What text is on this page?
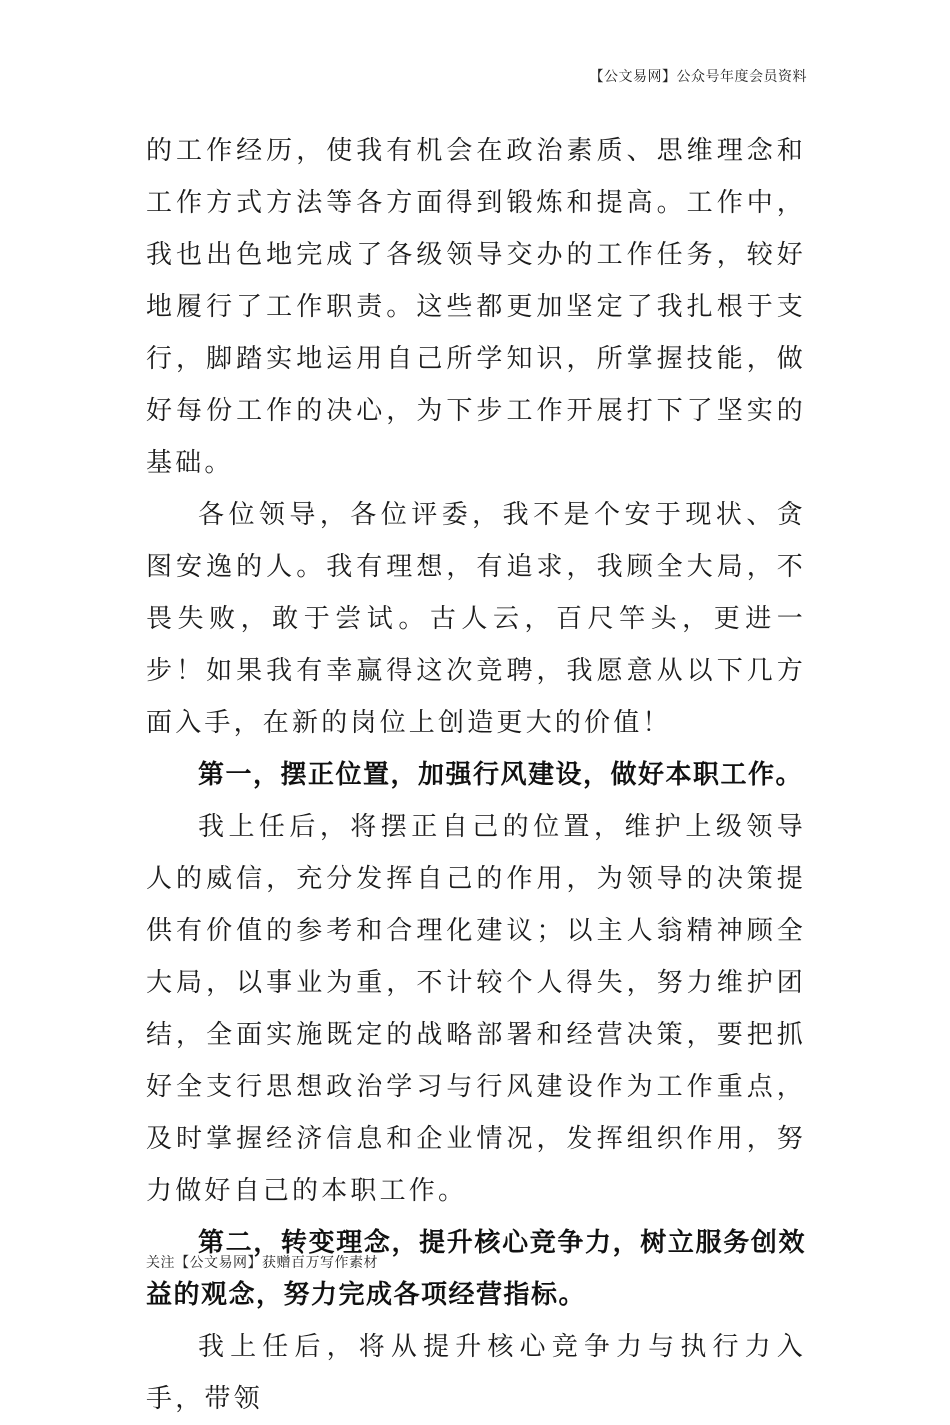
【公文易网】公众号年度会员资料

的工作经历，使我有机会在政治素质、思维理念和工作方式方法等各方面得到锻炼和提高。工作中，我也出色地完成了各级领导交办的工作任务，较好地履行了工作职责。这些都更加坚定了我扎根于支行，脚踏实地运用自己所学知识，所掌握技能，做好每份工作的决心，为下步工作开展打下了坚实的基础。

各位领导，各位评委，我不是个安于现状、贪图安逸的人。我有理想，有追求，我顾全大局，不畏失败，敢于尝试。古人云，百尺竿头，更进一步！如果我有幸赢得这次竞聘，我愿意从以下几方面入手，在新的岗位上创造更大的价值！

第一，摆正位置，加强行风建设，做好本职工作。

我上任后，将摆正自己的位置，维护上级领导人的威信，充分发挥自己的作用，为领导的决策提供有价值的参考和合理化建议；以主人翁精神顾全大局，以事业为重，不计较个人得失，努力维护团结，全面实施既定的战略部署和经营决策，要把抓好全支行思想政治学习与行风建设作为工作重点，及时掌握经济信息和企业情况，发挥组织作用，努力做好自己的本职工作。

第二，转变理念，提升核心竞争力，树立服务创效益的观念，努力完成各项经营指标。

我上任后，将从提升核心竞争力与执行力入手，带领

关注【公文易网】获赠百万写作素材
